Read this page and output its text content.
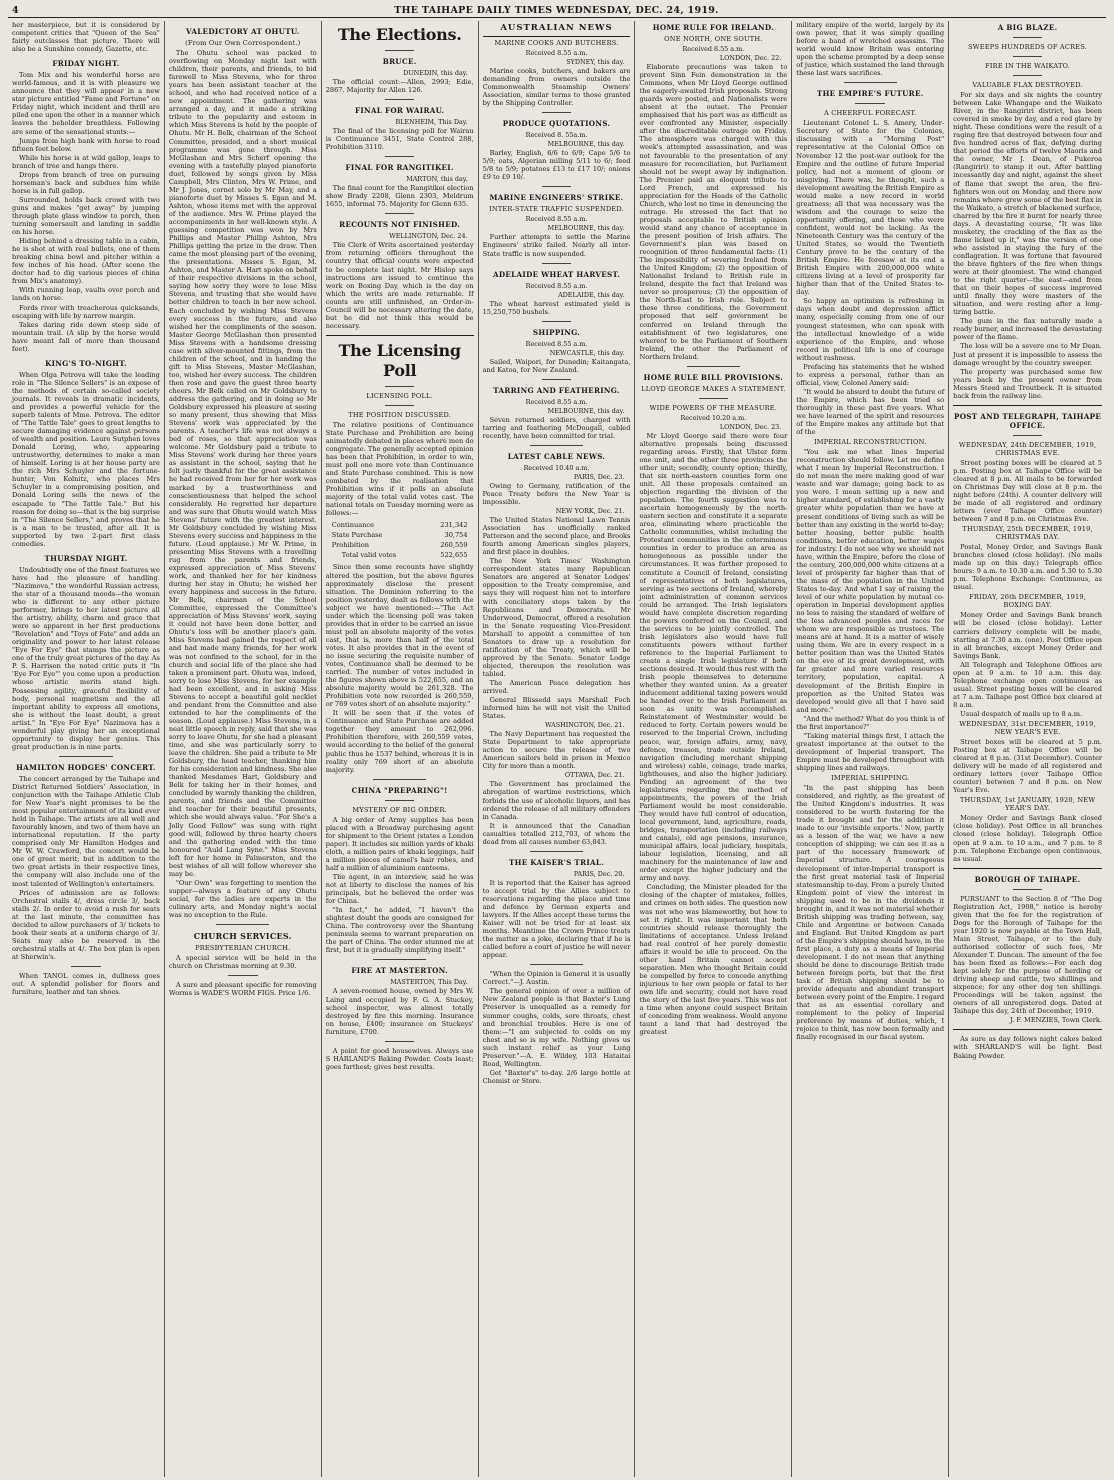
4	THE TAIHAPE DAILY TIMES WEDNESDAY, DEC. 24, 1919.

her masterpiece, but it is considered by competent critics that "Queen of the Sea" fairly outclasses that picture. There will also be a Sunshine comedy, Gazette, etc.

FRIDAY NIGHT.

Tom Mix and his wonderful horse are world-famous, and it is with pleasure we announce that they will appear in a new star picture entitled "Fame and Fortune" on Friday night, which incident and thrill are piled one upon the other in a manner which leaves the beholder breathless. Following are some of the sensational stunts:—

Jumps from high bank with horse to road fifteen feet below.

While his horse is at wild gallop, leaps to branch of tree and hangs there.

Drops from branch of tree on pursuing horseman's back and subdues him while horse is in full gallop.

Surrounded, holds back crowd with two guns and makes "get away" by jumping through plate glass window to porch, then turning somersault and landing in saddle on his horse.

Hiding behind a dressing table in a cabin, he is shot at with real bullets, one of them breaking china bowl and pitcher within a few inches of his head. (After scene the doctor had to dig various pieces of china from Mix's anatomy).

With running leap, vaults over porch and lands on horse.

Fords river with treacherous quicksands, escaping with life by narrow margin.

Takes daring ride down steep side of mountain trail. (A slip by the horse would have meant fall of more than thousand feet).

KING'S TO-NIGHT.

When Olga Petrova will take the leading role in "The Silence Sellers" is an expose of the methods of certain so-called society journals. It reveals in dramatic incidents, and provides a powerful vehicle for the superb talents of Mme. Petrova. The editor of "The Tattle Tale" goes to great lengths to secure damaging evidence against persons of wealth and position. Laure Sutphen loves Donald Loring, who, appearing untrustworthy, determines to make a man of himself. Loring is at her house party are the rich Mrs Schuyler and the fortune-hunter, Von Kolnitz, who places Mrs Schuyler in a compromising position, and Donald Loring sells the news of the escapade to "The Tattle Tale." But his reason for doing so—that is the big surprise in "The Silence Sellers," and proves that he is a man to be trusted, after all. It is supported by two 2-part first class comedies.

THURSDAY NIGHT.

Undoubtedly one of the finest features we have had the pleasure of handling. "Nazimova," the wonderful Russian actress, the star of a thousand moods—the woman who is different to any other picture performer, brings to her latest picture all the artistry, ability, charm and grace that were so apparent in her first productions "Revelation" and "Toys of Fate" and adds an originality and power to her latest release "Eye For Eye" that stamps the picture as one of the truly great pictures of the day. As P. S. Harrison the noted critic puts it "In 'Eye For Eye'" you come upon a production whose artistic merits stand high. Possessing agility, graceful flexibility of body, personal magnetism and the all important ability to express all emotions, she is without the least doubt, a great artist." In "Eye For Eye" Nazimova has a wonderful play giving her an exceptional opportunity to display her genius. This great production is in nine parts.

HAMILTON HODGES' CONCERT.

The concert arranged by the Taihape and District Returned Soldiers' Association, in conjunction with the Taihape Athletic Club for New Year's night promises to be the most popular entertainment of its kind ever held in Taihape. The artists are all well and favourably known, and two of them have an international reputation. If the party comprised only Mr Hamilton Hodges and Mr W. W. Crawford, the concert would be one of great merit; but in addition to the two great artists in their respective lines, the company will also include one of the most talented of Wellington's entertainers.

Prices of admission are as follows: Orchestral stalls 4/, dress circle 3/, back stalls 2/. In order to avoid a rush for seats at the last minute, the committee has decided to allow purchasers of 3/ tickets to book their seats at a uniform charge of 3/. Seats may also be reserved in the orchestral stalls at 4/. The box plan is open at Sherwin's.

When TANOL comes in, dullness goes out. A splendid polisher for floors and furniture, leather and tan shoes.

VALEDICTORY AT OHUTU.
(From Our Own Correspondent.)

The Ohutu school was packed to overflowing on Monday night last with children, their parents, and friends, to bid farewell to Miss Stevens, who for three years has been assistant teacher at the school, and who had received notice of a new appointment. The gathering was arranged a day, and it made a striking tribute to the popularity and esteem in which Miss Stevens is held by the people of Ohutu. Mr H. Belk, chairman of the School Committee, presided, and a short musical programme was gone through. Miss McGlashan and Mrs Scherf opening the evening with a tastefully played pianoforte duet, followed by songs given by Miss Campbell, Mrs Clinton, Mrs W. Prime, and Mr J. Jones, cornet solo by Mr May, and a pianoforte duet by Misses S. Egan and M. Ashton, whose items met with the approval of the audience. Mrs W. Prime played the accompaniments in her well-known style. A guessing competition was won by Mrs Phillips and Master Phillip Ashton, Mrs Phillips getting the prize in the draw. Then came the most pleasing part of the evening, the presentations. Misses S. Egan, M. Ashton, and Master A. Hart spoke on behalf of their respective divisions in the school, saying how sorry they were to lose Miss Stevens, and trusting that she would have better children to teach in her new school. Each concluded by wishing Miss Stevens every success in the future, and also wished her the compliments of the season. Master George McGlashan then presented Miss Stevens with a handsome dressing case with silver-mounted fittings, from the children of the school, and in handing the gift to Miss Stevens, Master McGlashan, too, wished her every success. The children then rose and gave the guest three hearty cheers. Mr Belk called on Mr Goldsbury to address the gathering, and in doing so Mr Goldsbury expressed his pleasure at seeing so many present, thus showing that Miss Stevens' work was appreciated by the parents. A teacher's life was not always a bed of roses, so that appreciation was welcome. Mr Goldsbury paid a tribute to Miss Stevens' work during her three years as assistant in the school, saying that he felt justly thankful for the great assistance he had received from her for her work was marked by a trustworthiness and conscientiousness that helped the school considerably. He regretted her departure and was sure that Ohutu would watch Miss Stevens' future with the greatest interest. Mr Goldsbury concluded by wishing Miss Stevens every success and happiness in the future. (Loud applause.) Mr W. Prime, in presenting Miss Stevens with a travelling rug from the parents and friends, expressed appreciation of Miss Stevens' work, and thanked her for her kindness during her stay in Ohutu; he wished her every happiness and success in the future. Mr Belk, chairman of the School Committee, expressed the Committee's appreciation of Miss Stevens' work, saying it could not have been done better, and Ohutu's loss will be another place's gain. Miss Stevens had gained the respect of all and had made many friends, for her work was not confined to the school, for in the church and social life of the place she had taken a prominent part. Ohutu was, indeed, sorry to lose Miss Stevens, for her example had been excellent, and in asking Miss Stevens to accept a beautiful gold necklet and pendant from the Committee and also extended to her the compliments of the season. (Loud applause.) Miss Stevens, in a neat little speech in reply, said that she was sorry to leave Ohutu, for she had a pleasant time, and she was particularly sorry to leave the children. She paid a tribute to Mr Goldsbury, the head teacher, thanking him for his consideration and kindness. She also thanked Mesdames Hart, Goldsbury and Belk for taking her in their homes, and concluded by warmly thanking the children, parents, and friends and the Committee and teacher for their beautiful presents, which she would always value. "For She's a Jolly Good Fellow" was sung with right good will, followed by three hearty cheers and the gathering ended with the time honoured "Auld Lang Syne." Miss Stevens left for her home in Palmerston, and the best wishes of all will follow wherever she may be.

"Our Own" was forgetting to mention the supper—always a feature of any Ohutu social, for the ladies are experts in the culinary arts, and Monday night's social was no exception to the Rule.

CHURCH SERVICES.
PRESBYTERIAN CHURCH.

A special service will be held in the church on Christmas morning at 9.30.

A sure and pleasant specific for removing Worms is WADE'S WORM FIGS. Price 1/6.

The Elections.
BRUCE.
DUNEDIN, this day.

The official count:—Allen, 2993; Edie, 2867. Majority for Allen 126.

FINAL FOR WAIRAU.
BLENHEIM, This Day.

The final of the licensing poll for Wairau is Continuance 3451, State Control 288, Prohibition 3110.

FINAL FOR RANGITIKEI.
MARTON, this day.

The final count for the Rangitikei election show Brady 2208, Glenn 2303, Meldrum 1655, informal 75. Majority for Glenn 635.

RECOUNTS NOT FINISHED.
WELLINGTON, Dec. 24.

The Clerk of Writs ascertained yesterday from returning officers throughout the country that official counts were expected to be complete last night. Mr Hislop says instructions are issued to continue the work on Boxing Day, which is the day on which the writs are made returnable. If counts are still unfinished, an Order-in-Council will be necessary altering the date, but he did not think this would be necessary.

The Licensing Poll
LICENSING POLL.
THE POSITION DISCUSSED.

The relative positions of Continuance State Purchase and Prohibition are being animatedly debated in places where men do congregate. The generally accepted opinion has been that Prohibition, in order to win, must poll one more vote than Continuance and State Purchase combined. This is now combated by the realisation that Prohibition wins if it polls an absolute majority of the total valid votes cast. The national totals on Tuesday morning were as follows:—

Continuance	231,342
State Purchase	30,754
Prohibition	260,559
Total valid votes	522,655

Since then some recounts have slightly altered the position, but the above figures approximately disclose the present situation. The Dominion referring to the position yesterday, dealt as follows with the subject we have mentioned:—"The Act under which the licensing poll was taken provides that in order to be carried an issue must poll an absolute majority of the votes cast, that is, more than half of the total votes. It also provides that in the event of no issue securing the requisite number of votes, Continuance shall be deemed to be carried. The number of votes included in the figures shown above is 522,655, and an absolute majority would be 261,328. The Prohibition vote now recorded is 260,559, or 769 votes short of an absolute majority."

It will be seen that if the votes of Continuance and State Purchase are added together they amount to 262,096. Prohibition therefore, with 260,559 votes, would according to the belief of the general public thus be 1537 behind, whereas it is in reality only 769 short of an absolute majority.

CHINA "PREPARING"!
MYSTERY OF BIG ORDER.

A big order of Army supplies has been placed with a Broadway purchasing agent for shipment to the Orient (states a London paper). It includes six million yards of khaki cloth, a million pairs of khaki leggings, half a million pieces of camel's hair robes, and half a million of aluminium canteens.

The agent, in an interview, said he was not at liberty to disclose the names of his principals, but he believed the order was for China.

"In fact," he added, "I haven't the slightest doubt the goods are consigned for China. The controversy over the Shantung peninsula seems to warrant preparation on the part of China. The order stunned me at first, but it is gradually simplifying itself."

FIRE AT MASTERTON.
MASTERTON, This Day.

A seven-roomed house, owned by Mrs W. Laing and occupied by F. G. A. Stuckey, school inspector, was almost totally destroyed by fire this morning. Insurance on house, £400; insurance on Stuckeys' furniture, £700.

A point for good housewives. Always use S HARLAND'S Baking Powder. Costs least; goes farthest; gives best results.

AUSTRALIAN NEWS
MARINE COOKS AND BUTCHERS.
Received 8.55 a.m.
SYDNEY, this day.

Marine cooks, butchers, and bakers are demanding from owners outside the Commonwealth Steamship Owners' Association, similar terms to those granted by the Shipping Controller.

PRODUCE QUOTATIONS.
Received 8. 55a.m.
MELBOURNE, this day.

Barley, English, 6/6 to 6/9; Cape 5/6 to 5/9; oats, Algerian milling 5/11 to 6/; feed 5/8 to 5/9; potatoes £13 to £17 10/; onions £9 to £9 10/.

MARINE ENGINEERS' STRIKE.
INTER-STATE TRAFFIC SUSPENDED.
Received 8.55 a.m.
MELBOURNE, this day.

Further attempts to settle the Marine Engineers' strike failed. Nearly all inter-State traffic is now suspended.

ADELAIDE WHEAT HARVEST.
Received 8.55 a.m.
ADELAIDE, this day.

The wheat harvest estimated yield is 15,250,750 bushels.

SHIPPING.
Received 8.55 a.m.
NEWCASTLE, this day.

Sailed, Waipori, for Dunedin; Kaitangata, and Katoa, for New Zealand.

TARRING AND FEATHERING.
Received 8.55 a.m.
MELBOURNE, this day.

Seven returned soldiers, charged with tarring and feathering McDougall, cabled recently, have been committed for trial.

LATEST CABLE NEWS.
Received 10.40 a.m.
PARIS, Dec. 23.

Owing to Germany, ratification of the Peace Treaty before the New Year is impossible.

NEW YORK, Dec. 21.

The United States National Lawn Tennis Association has unofficially ranked Patterson and the second place, and Brooks fourth among American singles players, and first place in doubles.

The New York Times' Washington correspondent states many Republican Senators are angered at Senator Lodges' opposition to the Treaty compromise, and says they will request him not to interfere with conciliatory steps taken by the Republicans and Democrats. Mr Underwood, Democrat, offered a resolution in the Senate requesting Vice-President Marshall to appoint a committee of ten Senators to draw up a resolution for ratification of the Treaty, which will be approved by the Senate. Senator Lodge objected, thereupon the resolution was tabled.

The American Peace delegation has arrived.

General Blissedd says Marshall Foch informed him he will not visit the United States.

WASHINGTON, Dec. 21.

The Navy Department has requested the State Department to take appropriate action to secure the release of two American sailors held in prison in Mexico City for more than a month.

OTTAWA, Dec. 21.

The Government has proclaimed the abrogation of wartime restrictions, which forbids the use of alcoholic liquors, and has ordered the release of all military offenders in Canada.

It is announced that the Canadian casualties totalled 212,703, of whom the dead from all causes number 63,843.

THE KAISER'S TRIAL.
PARIS, Dec. 20.

It is reported that the Kaiser has agreed to accept trial by the Allies subject to reservations regarding the place and time and defence by German experts and lawyers. If the Allies accept these terms the Kaiser will not be tried for at least six months. Meantime the Crown Prince treats the matter as a joke, declaring that if he is called before a court of justice he will never appear.

"When the Opinion is General it is usually Correct."—J. Austin.

The general opinion of over a million of New Zealand people is that Baxter's Lung Preserver is unequalled as a remedy for summer coughs, colds, sore throats, chest and bronchial troubles. Here is one of them:—"I am subjected to colds on my chest and so is my wife. Nothing gives us such instant relief as your Lung Preserver."—A. E. Wildey, 103 Hataitai Road, Wellington.

Get "Baxter's" to-day. 2/6 large bottle at Chemist or Store.

HOME RULE FOR IRELAND.
ONE NORTH, ONE SOUTH.
Received 8.55 a.m.
LONDON, Dec. 22.

Elaborate precautions was taken to prevent Sinn Fein demonstration in the Commons, when Mr Lloyd George outlined the eagerly-awaited Irish proposals. Strong guards were posted, and Nationalists were absent at the outset. The Premier emphasised that his part was as difficult as ever confronted any Minister, especially after the discreditable outrage on Friday. The atmosphere was charged with this week's attempted assassination, and was not favourable to the presentation of any measure for reconciliation, but Parliament should not be swept away by indignation. The Premier paid an eloquent tribute to Lord French, and expressed his appreciation for the Heads of the Catholic Church, who lost no time in denouncing the outrage. He stressed the fact that no proposals acceptable to British opinion would stand any chance of acceptance in the present position of Irish affairs. The Government's plan was based on recognition of three fundamental facts: (1) The impossibility of severing Ireland from the United Kingdom; (2) the opposition of Nationalist Ireland to British rule in Ireland, despite the fact that Ireland was never so prosperous; (3) the opposition of the North-East to Irish rule. Subject to these three conditions, the Government proposed that self government be conferred on Ireland through the establishment of two legislatures, one whereof to be the Parliament of Southern Ireland, the other the Parliament of Northern Ireland.

HOME RULE BILL PROVISIONS.
LLOYD GEORGE MAKES A STATEMENT.
WIDE POWERS OF THE MEASURE.
Received 10.20 a.m.
LONDON, Dec. 23.

Mr Lloyd George said there were four alternative proposals being discussed regarding areas. Firstly, that Ulster form one unit, and the other three provinces the other unit; secondly, county option; thirdly, that six north-eastern counties form one unit. All these proposals contained an objection regarding the division of the population. The fourth suggestion was to ascertain homogeneously by the north-eastern section and constitute it a separate area, eliminating where practicable the Catholic communities, whilst including the Protestant communities in the coterminous counties in order to produce an area as homogeneous as possible under the circumstances. It was further proposed to constitute a Council of Ireland, consisting of representatives of both legislatures, serving as two sections of Ireland, whereby joint administration of common services could be arranged. The Irish legislators would have complete discretion regarding the powers conferred on the Council, and the services to be jointly controlled. The Irish legislators also would have full constituents powers without further reference to the Imperial Parliament to create a single Irish legislature if both sections desired. It would thus rest with the Irish people themselves to determine whether they wanted union. As a greater inducement additional taxing powers would be handed over to the Irish Parliament as soon as unity was accomplished. Reinstatement of Westminster would be reduced to forty. Certain powers would be reserved to the Imperial Crown, including peace, war, foreign affairs, army, navy, defence, treason, trade outside Ireland, navigation (including merchant shipping and wireless) cable, coinage, trade marks, lighthouses, and also the higher judiciary. Pending an agreement of the two legislatures regarding the method of appointments, the powers of the Irish Parliament would be most considerable. They would have full control of education, local government, land, agriculture, roads, bridges, transportation (including railways and canals), old age pensions, insurance, municipal affairs, local judiciary, hospitals, labour legislation, licensing, and all machinery for the maintenance of law and order except the higher judiciary and the army and navy.

Concluding, the Minister pleaded for the closing of the chapter of mistakes, follies, and crimes on both sides. The question now was not who was blameworthy, but how to set it right. It was important that both countries should release thoroughly the limitations of acceptance. Unless Ireland had real control of her purely domestic affairs it would be idle to proceed. On the other hand Britain cannot accept separation. Men who thought Britain could be compelled by force to concede anything injurious to her own people or fatal to her own life and security, could not have read the story of the last five years. This was not a time when anyone could suspect Britain of conceding from weakness. Would anyone taunt a land that had destroyed the greatest

military empire of the world, largely by its own power, that it was simply quailing before a band of wretched assassins. The world would know Britain was entering upon the scheme prompted by a deep sense of justice, which sustained the land through these last wars sacrifices.

THE EMPIRE'S FUTURE.
A CHEERFUL FORECAST.

Lieutenant Colonel L. S. Amery, Under-Secretary of State for the Colonies, discussing with a "Morning Post" representative at the Colonial Office on November 12 the post-war outlook for the Empire and the outline of future Imperial policy, had not a moment of gloom or misgiving. There was, he thought, such a development awaiting the British Empire as would make a new record in world greatness; all that was necessary was the wisdom and the courage to seize the opportunity offering, and those who were confident, would not be lacking. As the Nineteenth Century was the century of the United States, so would the Twentieth Century prove to be the century of the British Empire. He foresaw at its end a British Empire with 200,000,000 white citizens living at a level of prosperity far higher than that of the United States to-day.

So happy an optimism is refreshing in days when doubt and depression afflict many, especially coming from one of our youngest statesmen, who can speak with the intellectual knowledge of a wide experience of the Empire, and whose record in political life is one of courage without rashness.

Prefacing his statements that he wished to express a personal, rather than an official, view, Colonel Amery said:

"It would be absurd to doubt the future of the Empire, which has been tried so thoroughly in these past five years. What we have learned of the spirit and resources of the Empire makes any attitude but that of the

IMPERIAL RECONSTRUCTION.

"You ask me what lines Imperial reconstruction should follow. Let me define what I mean by Imperial Reconstruction. I do not mean the mere making good of war waste and war damage; going back to as you were. I mean setting up a new and higher standard, of establishing for a vastly greater white population than we have at present conditions of living such as will be better than any existing in the world to-day; better housing, better public health conditions, better education, better wages for industry. I do not see why we should not have, within the Empire, before the close of the century, 200,000,000 white citizens at a level of prosperity far higher than that of the mass of the population in the United States to-day. And what I say of raising the level of our white population by mutual co-operation in Imperial development applies no less to raising the standard of welfare of the less advanced peoples and races for whom we are responsible as trustees. The means are at hand. It is a matter of wisely using them. We are in every respect in a better position than was the United States on the eve of its great development, with far greater and more varied resources territory, population, capital. A development of the British Empire in proportion as the United States was developed would give all that I have said and more."

"And the method? What do you think is of the first importance?"

"Taking material things first, I attach the greatest importance at the outset to the development of Imperial transport. The Empire must be developed throughout with shipping lines and railways.

IMPERIAL SHIPPING.

"In the past shipping has been considered, and rightly, as the greatest of the United Kingdom's industries. It was considered to be worth fostering for the trade it brought and for the addition it made to our 'invisible exports.' Now, partly as a lesson of the war, we have a new conception of shipping; we can see it as a part of the necessary framework of Imperial structure. A courageous development of inter-Imperial transport is the first great material task of Imperial statesmanship to-day. From a purely United Kingdom point of view the interest in shipping used to be in the dividends it brought in, and it was not material whether British shipping was trading between, say, Chile and Argentine or between Canada and England. But United Kingdom as part of the Empire's shipping should have, in the first place, a duty as a means of Imperial development. I do not mean that anything should be done to discourage British trade between foreign ports, but that the first task of British shipping should be to provide adequate and abundant transport between every point of the Empire. I regard that as an essential corollary and complement to the policy of Imperial preference by means of duties, which, I rejoice to think, has now been formally and finally recognised in our fiscal system.

A BIG BLAZE.
SWEEPS HUNDREDS OF ACRES.
FIRE IN THE WAIKATO.
VALUABLE FLAX DESTROYED.

For six days and six nights the country between Lake Whangape and the Waikato River, in the Rangiriri district, has been covered in smoke by day, and a red glare by night. These conditions were the result of a raging fire that destroyed between four and five hundred acres of flax, defying during that period the efforts of twelve Maoris and the owner, Mr J. Dean, of Pukeroa (Rangiriri) to stamp it out. After battling incessantly day and night, against the sheet of flame that swept the area, the fire-fighters won out on Monday, and there now remains where grew some of the best flax in the Waikato, a stretch of blackened surface, charred by the fire it burnt for nearly three days. A devastating course, "It was like musketry, the crackling of the flax as the flame licked up it," was the version of one who assisted in staying the fury of the conflagration. It was fortune that favoured the brave fighters of the fire when things were at their gloomiest. The wind changed to the right quarter—the east—and from that on their hopes of success improved until finally they were masters of the situation, and were resting after a long-tiring battle.

The gum in the flax naturally made a ready burner, and increased the devastating power of the flame.

The loss will be a severe one to Mr Dean. Just at present it is impossible to assess the damage wrought by the country sweeper.

The property was purchased some few years back by the present owner from Messrs Steed and Troutbeck. It is situated back from the railway line.

POST AND TELEGRAPH, TAIHAPE OFFICE.
WEDNESDAY, 24th DECEMBER, 1919, CHRISTMAS EVE.

Street posting boxes will be cleared at 5 p.m. Posting box at Taihape Office will be cleared at 8 p.m. All mails to be forwarded on Christmas Day will close at 8 p.m. the night before (24th). A counter delivery will be made of all registered and ordinary letters (ever Taihape Office counter) between 7 and 8 p.m. on Christmas Eve.

THURSDAY, 25th DECEMBER, 1919, CHRISTMAS DAY.

Postal, Money Order, and Savings Bank branches closed (close holiday). (No mails made up on this day.) Telegraph office hours: 9 a.m. to 10.30 a.m. and 5.30 to 5.30 p.m. Telephone Exchange: Continuous, as usual.

FRIDAY, 26th DECEMBER, 1919, BOXING DAY.

Money Order and Savings Bank branch will be closed (close holiday). Letter carriers delivery complete will be made, starting at 7.30 a.m. (one). Post Office open in all branches, except Money Order and Savings Bank.

All Telegraph and Telephone Offices are open at 9 a.m. to 10 a.m. this day. Telephone exchange open continuous as usual. Street posting boxes will be cleared at 7 a.m. Taihape post Office box cleared at 8 a.m.

Usual despatch of mails up to 8 a.m.

WEDNESDAY, 31st DECEMBER, 1919, NEW YEAR'S EVE.

Street boxes will be cleared at 5 p.m. Posting box at Taihape Office will be cleared at 8 p.m. (31st December). Counter delivery will be made of all registered and ordinary letters (over Taihape Office counter) between 7 and 8 p.m. on New Year's Eve.

THURSDAY, 1st JANUARY, 1920, NEW YEAR'S DAY.

Money Order and Savings Bank closed (close holiday). Post Office in all branches closed (close holiday). Telegraph Office open at 9 a.m. to 10 a.m., and 7 p.m. to 8 p.m. Telephone Exchange open continuous, as usual.

BOROUGH OF TAIHAPE.

PURSUANT to the Section 8 of "The Dog Registration Act, 1908," notice is hereby given that the fee for the registration of Dogs for the Borough of Taihape for the year 1920 is now payable at the Town Hall, Main Street, Taihape, or to the duly authorised collector of such fees, Mr Alexander T. Duncan. The amount of the fee has been fixed as follows:—For each dog kept solely for the purpose of herding or driving sheep and cattle, two shillings and sixpence; for any other dog ten shillings. Proceedings will be taken against the owners of all unregistered dogs. Dated at Taihape this day, 24th of December, 1919.

J. F. MENZIES, Town Clerk.

As sure as day follows night cakes baked with SHARLAND'S will be light. Best Baking Powder.
